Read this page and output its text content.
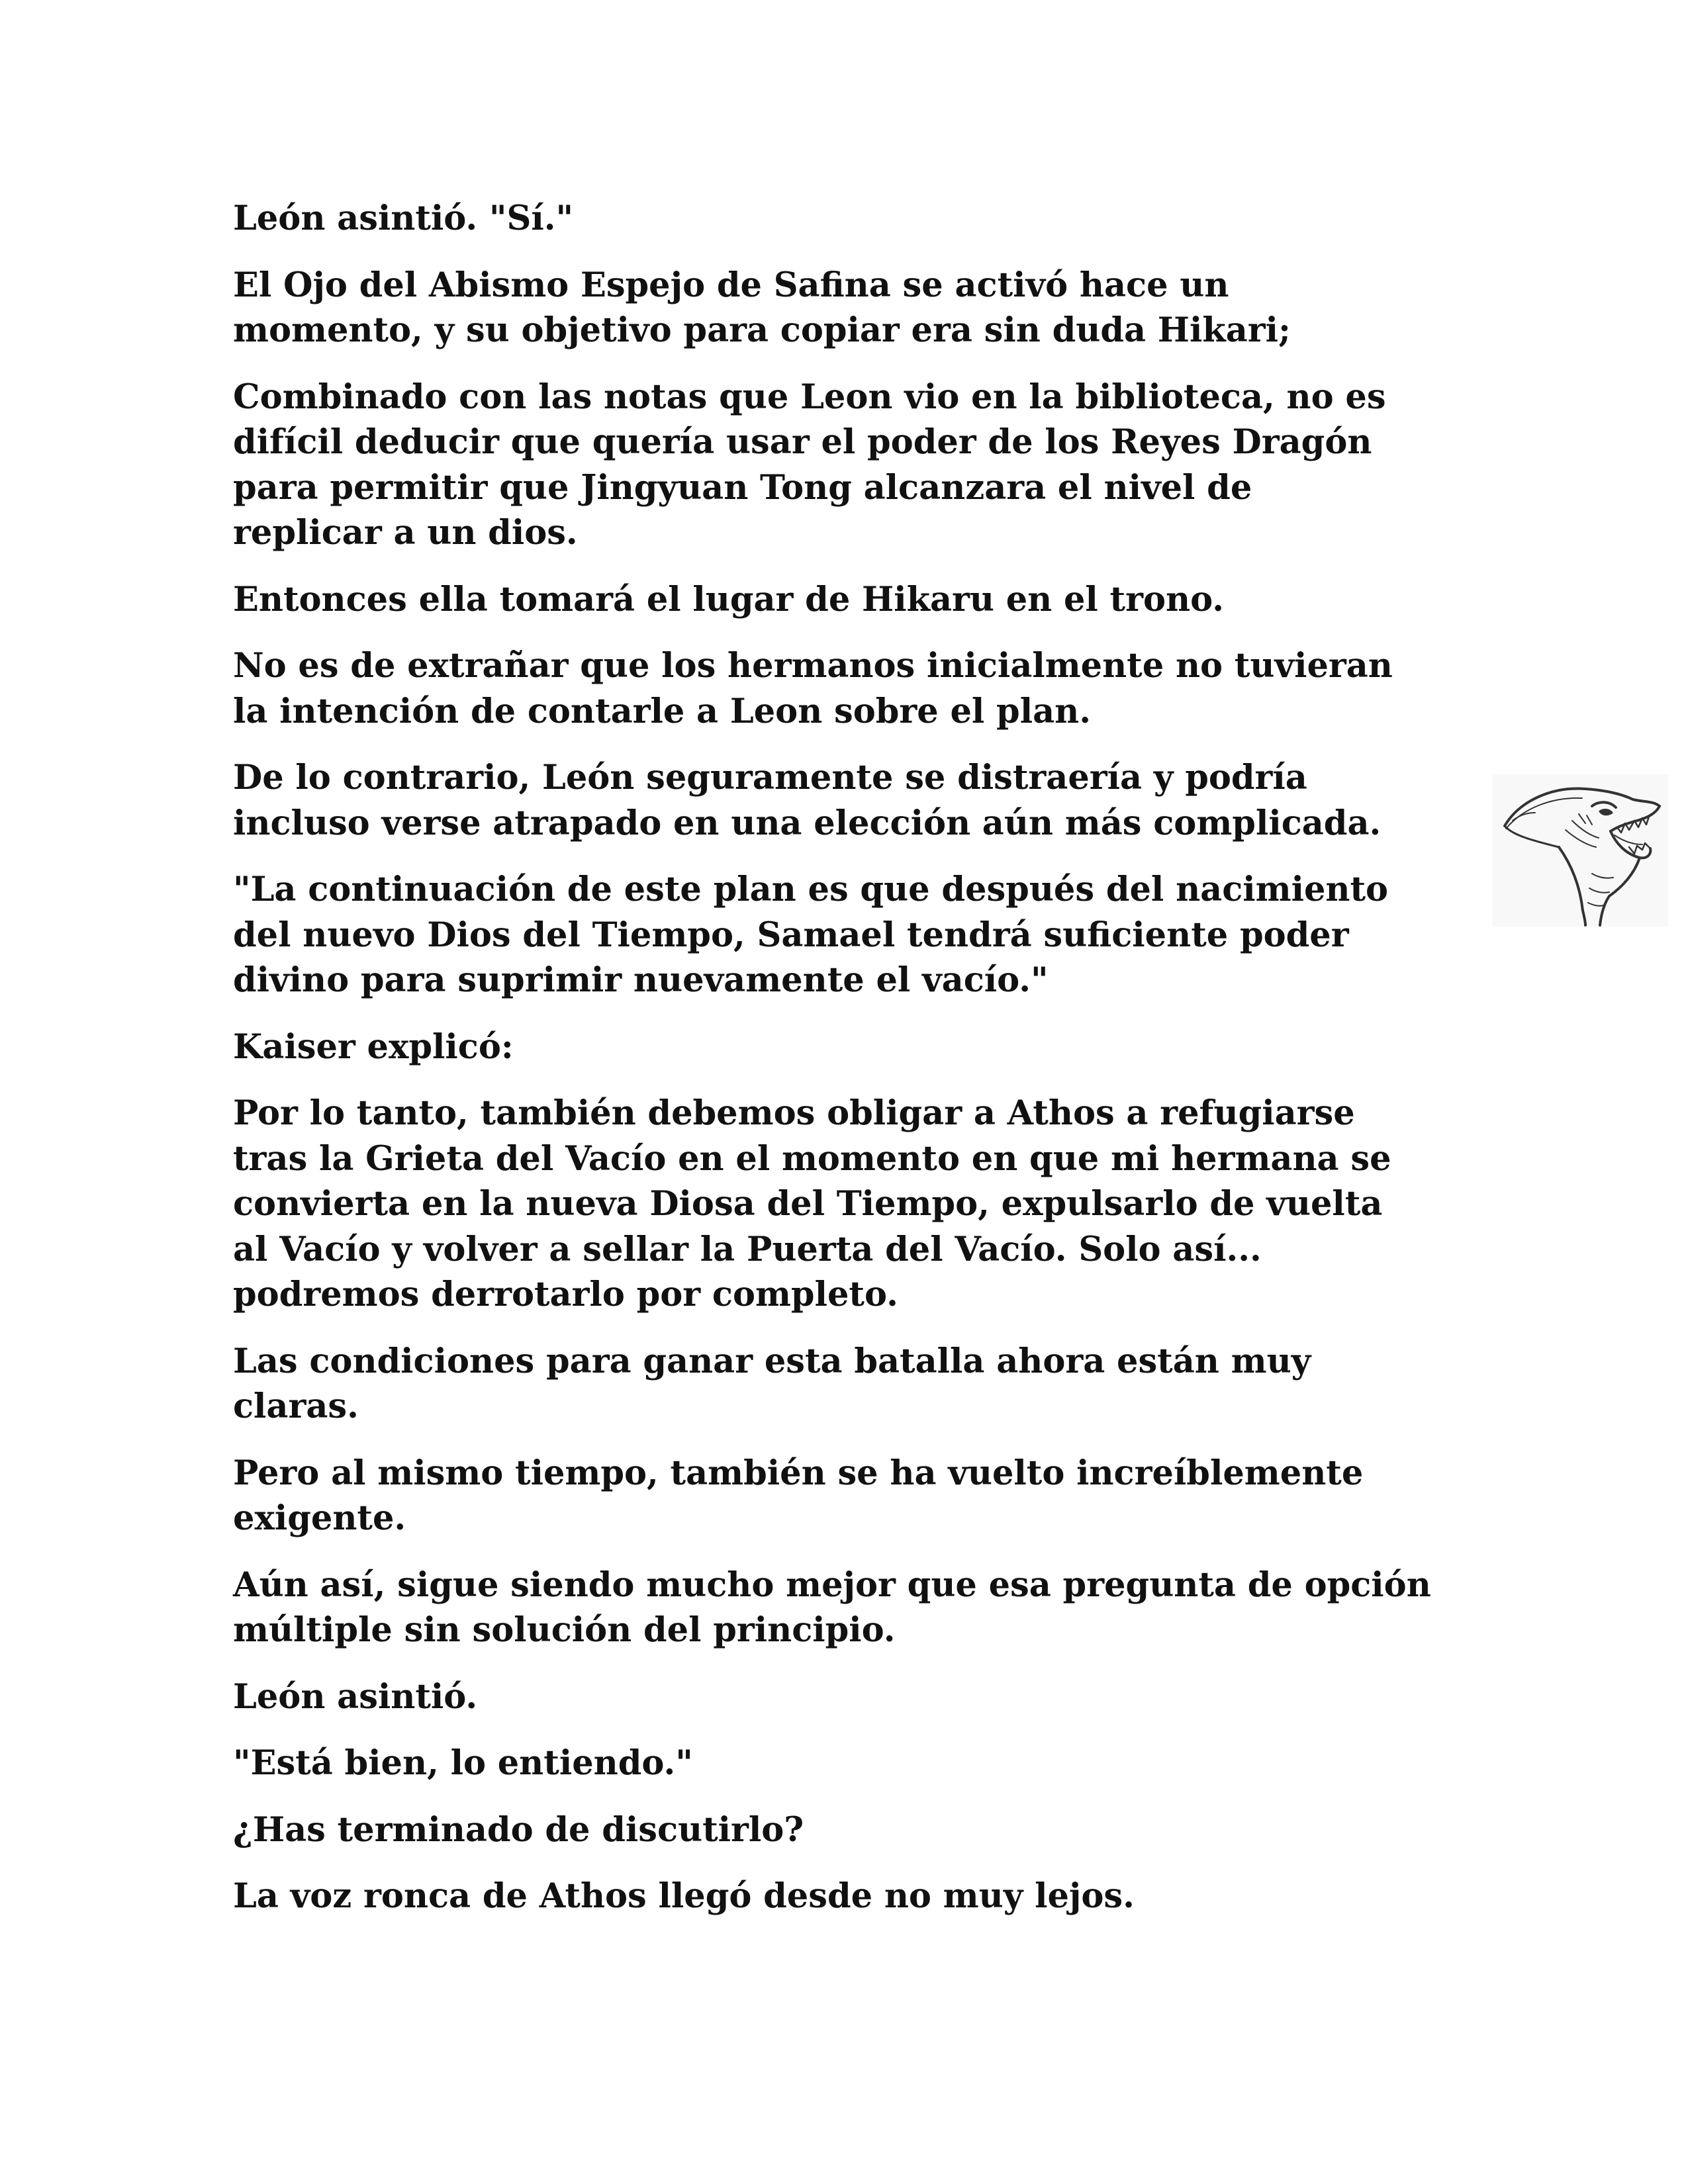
León asintió. "Sí."

El Ojo del Abismo Espejo de Safina se activó hace un
momento, y su objetivo para copiar era sin duda Hikari;

Combinado con las notas que Leon vio en la biblioteca, no es
difícil deducir que quería usar el poder de los Reyes Dragón
para permitir que Jingyuan Tong alcanzara el nivel de
replicar a un dios.

Entonces ella tomará el lugar de Hikaru en el trono.

No es de extrañar que los hermanos inicialmente no tuvieran
la intención de contarle a Leon sobre el plan.

De lo contrario, León seguramente se distraería y podría
incluso verse atrapado en una elección aún más complicada.

"La continuación de este plan es que después del nacimiento
del nuevo Dios del Tiempo, Samael tendrá suficiente poder
divino para suprimir nuevamente el vacío."

Kaiser explicó:

Por lo tanto, también debemos obligar a Athos a refugiarse
tras la Grieta del Vacío en el momento en que mi hermana se
convierta en la nueva Diosa del Tiempo, expulsarlo de vuelta
al Vacío y volver a sellar la Puerta del Vacío. Solo así...
podremos derrotarlo por completo.

Las condiciones para ganar esta batalla ahora están muy
claras.

Pero al mismo tiempo, también se ha vuelto increíblemente
exigente.

Aún así, sigue siendo mucho mejor que esa pregunta de opción
múltiple sin solución del principio.

León asintió.

"Está bien, lo entiendo."

¿Has terminado de discutirlo?

La voz ronca de Athos llegó desde no muy lejos.
